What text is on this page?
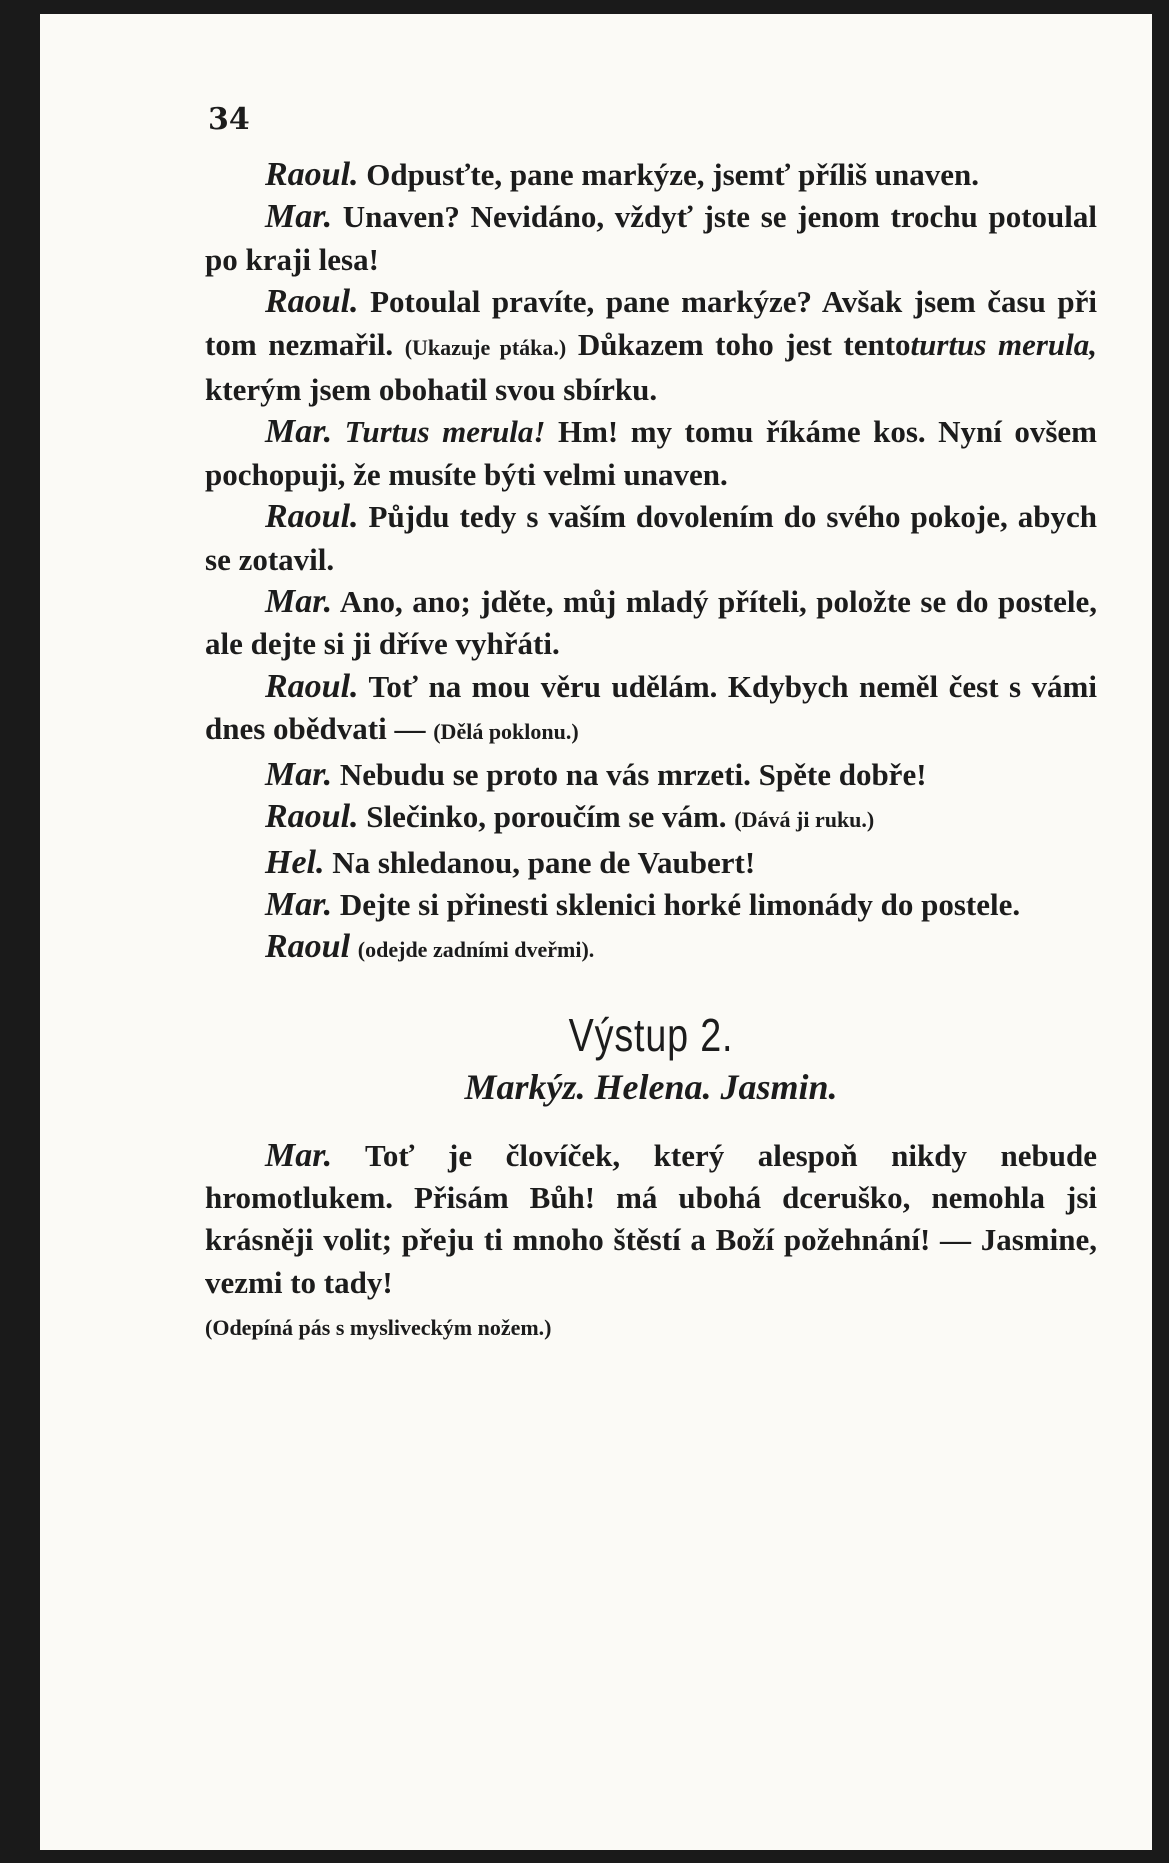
34

Raoul. Odpusťte, pane markýze, jsemť příliš unaven.

Mar. Unaven? Nevidáno, vždyť jste se jenom trochu potoulal po kraji lesa!

Raoul. Potoulal pravíte, pane markýze? Avšak jsem času při tom nezmařil. (Ukazuje ptáka.) Důkazem toho jest tentoturtus merula, kterým jsem obohatil svou sbírku.

Mar. Turtus merula! Hm! my tomu říkáme kos. Nyní ovšem pochopuji, že musíte býti velmi unaven.

Raoul. Půjdu tedy s vaším dovolením do svého pokoje, abych se zotavil.

Mar. Ano, ano; jděte, můj mladý příteli, položte se do postele, ale dejte si ji dříve vyhřáti.

Raoul. Toť na mou věru udělám. Kdybych neměl čest s vámi dnes obědvati — (Dělá poklonu.)

Mar. Nebudu se proto na vás mrzeti. Spěte dobře!

Raoul. Slečinko, poroučím se vám. (Dává ji ruku.)

Hel. Na shledanou, pane de Vaubert!

Mar. Dejte si přinesti sklenici horké limonády do postele.

Raoul (odejde zadními dveřmi).

Výstup 2.
Markýz. Helena. Jasmin.

Mar. Toť je človíček, který alespoň nikdy nebude hromotlukem. Přisám Bůh! má ubohá dceruško, nemohla jsi krásněji volit; přeju ti mnoho štěstí a Boží požehnání! — Jasmine, vezmi to tady!

(Odepíná pás s mysliveckým nožem.)
